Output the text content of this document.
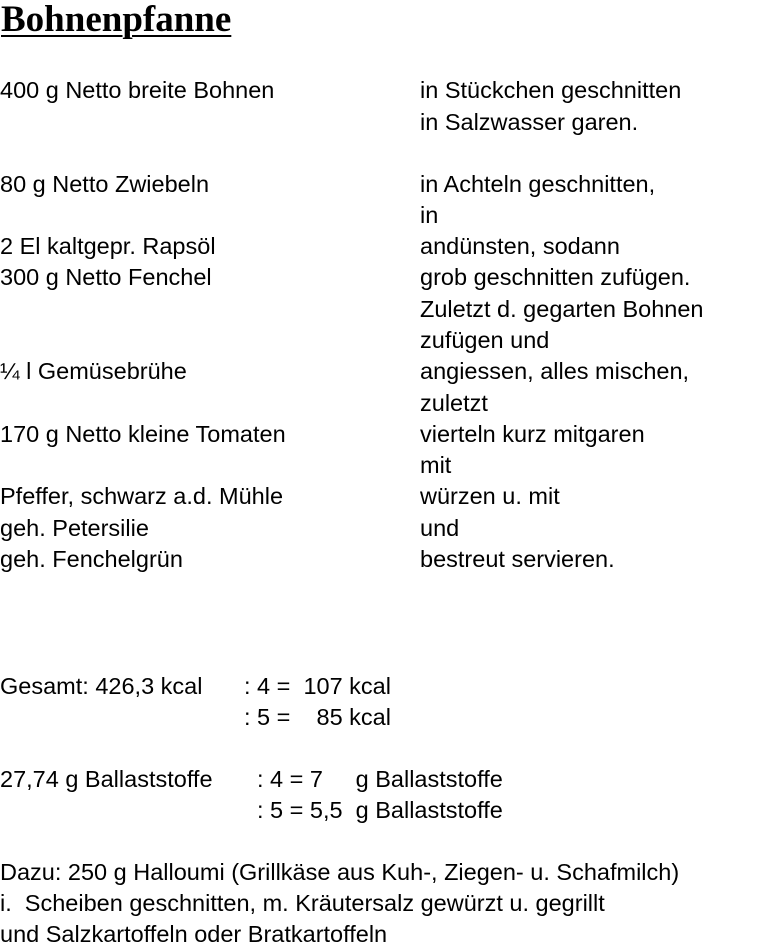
Bohnenpfanne
400 g Netto breite Bohnen
80 g Netto Zwiebeln
2 El kaltgepr. Rapsöl
300 g Netto Fenchel
¼ l Gemüsebrühe
170 g Netto kleine Tomaten
Pfeffer, schwarz a.d. Mühle
geh. Petersilie
geh. Fenchelgrün
in Stückchen geschnitten
in Salzwasser garen.
in Achteln geschnitten,
in
andünsten, sodann
grob geschnitten zufügen.
Zuletzt d. gegarten Bohnen
zufügen und
angiessen, alles mischen,
zuletzt
vierteln kurz mitgaren
mit
würzen u. mit
und
bestreut servieren.
Gesamt: 426,3 kcal : 4 =  107 kcal
: 5 =    85 kcal
27,74 g Ballaststoffe : 4 = 7     g Ballaststoffe
: 5 = 5,5  g Ballaststoffe
Dazu: 250 g Halloumi (Grillkäse aus Kuh-, Ziegen- u. Schafmilch)
i.  Scheiben geschnitten, m. Kräutersalz gewürzt u. gegrillt
und Salzkartoffeln oder Bratkartoffeln
